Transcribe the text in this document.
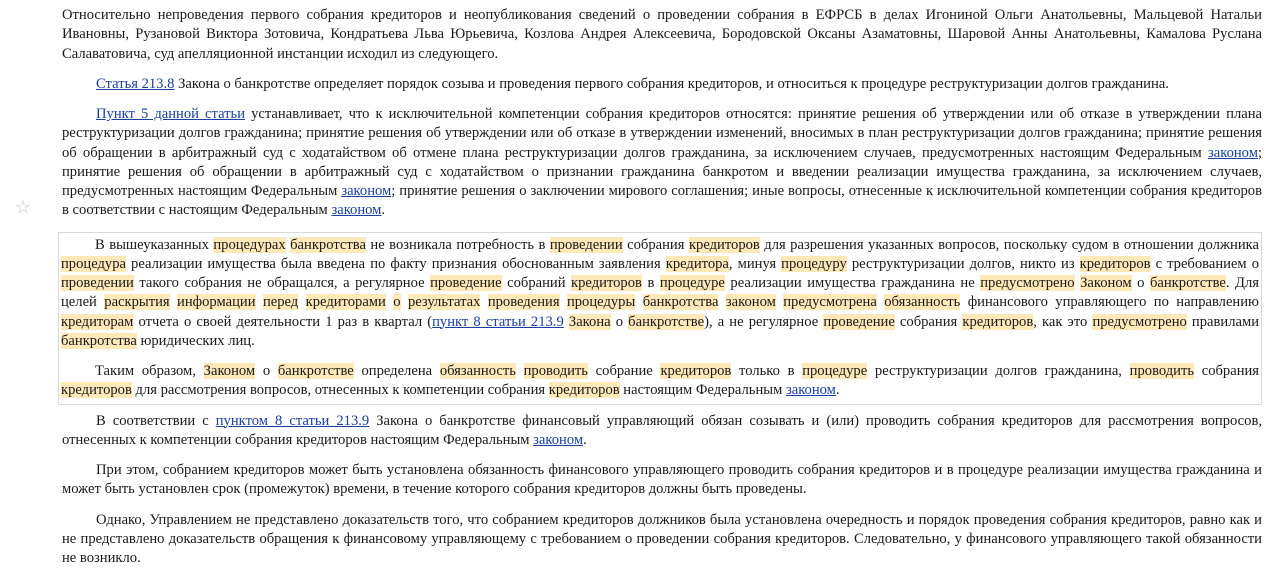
☆

Относительно непроведения первого собрания кредиторов и неопубликования сведений о проведении собрания в ЕФРСБ в делах Игониной Ольги Анатольевны, Мальцевой Натальи Ивановны, Рузановой Виктора Зотовича, Кондратьева Льва Юрьевича, Козлова Андрея Алексеевича, Бородовской Оксаны Азаматовны, Шаровой Анны Анатольевны, Камалова Руслана Салаватовича, суд апелляционной инстанции исходил из следующего.

Статья 213.8 Закона о банкротстве определяет порядок созыва и проведения первого собрания кредиторов, и относиться к процедуре реструктуризации долгов гражданина.

Пункт 5 данной статьи устанавливает, что к исключительной компетенции собрания кредиторов относятся: принятие решения об утверждении или об отказе в утверждении плана реструктуризации долгов гражданина; принятие решения об утверждении или об отказе в утверждении изменений, вносимых в план реструктуризации долгов гражданина; принятие решения об обращении в арбитражный суд с ходатайством об отмене плана реструктуризации долгов гражданина, за исключением случаев, предусмотренных настоящим Федеральным законом; принятие решения об обращении в арбитражный суд с ходатайством о признании гражданина банкротом и введении реализации имущества гражданина, за исключением случаев, предусмотренных настоящим Федеральным законом; принятие решения о заключении мирового соглашения; иные вопросы, отнесенные к исключительной компетенции собрания кредиторов в соответствии с настоящим Федеральным законом.

В вышеуказанных процедурах банкротства не возникала потребность в проведении собрания кредиторов для разрешения указанных вопросов, поскольку судом в отношении должника процедура реализации имущества была введена по факту признания обоснованным заявления кредитора, минуя процедуру реструктуризации долгов, никто из кредиторов с требованием о проведении такого собрания не обращался, а регулярное проведение собраний кредиторов в процедуре реализации имущества гражданина не предусмотрено Законом о банкротстве. Для целей раскрытия информации перед кредиторами о результатах проведения процедуры банкротства законом предусмотрена обязанность финансового управляющего по направлению кредиторам отчета о своей деятельности 1 раз в квартал (пункт 8 статьи 213.9 Закона о банкротстве), а не регулярное проведение собрания кредиторов, как это предусмотрено правилами банкротства юридических лиц.

Таким образом, Законом о банкротстве определена обязанность проводить собрание кредиторов только в процедуре реструктуризации долгов гражданина, проводить собрания кредиторов для рассмотрения вопросов, отнесенных к компетенции собрания кредиторов настоящим Федеральным законом.

В соответствии с пунктом 8 статьи 213.9 Закона о банкротстве финансовый управляющий обязан созывать и (или) проводить собрания кредиторов для рассмотрения вопросов, отнесенных к компетенции собрания кредиторов настоящим Федеральным законом.

При этом, собранием кредиторов может быть установлена обязанность финансового управляющего проводить собрания кредиторов и в процедуре реализации имущества гражданина и может быть установлен срок (промежуток) времени, в течение которого собрания кредиторов должны быть проведены.

Однако, Управлением не представлено доказательств того, что собранием кредиторов должников была установлена очередность и порядок проведения собрания кредиторов, равно как и не представлено доказательств обращения к финансовому управляющему с требованием о проведении собрания кредиторов. Следовательно, у финансового управляющего такой обязанности не возникло.
